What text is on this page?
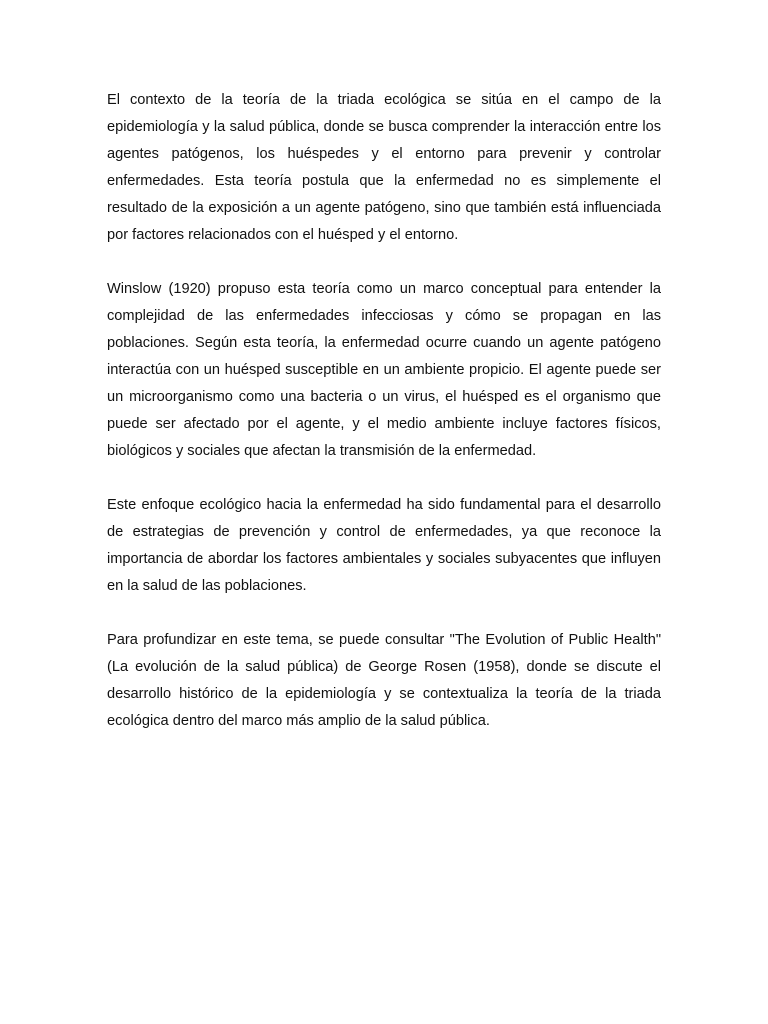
El contexto de la teoría de la triada ecológica se sitúa en el campo de la epidemiología y la salud pública, donde se busca comprender la interacción entre los agentes patógenos, los huéspedes y el entorno para prevenir y controlar enfermedades. Esta teoría postula que la enfermedad no es simplemente el resultado de la exposición a un agente patógeno, sino que también está influenciada por factores relacionados con el huésped y el entorno.

Winslow (1920) propuso esta teoría como un marco conceptual para entender la complejidad de las enfermedades infecciosas y cómo se propagan en las poblaciones. Según esta teoría, la enfermedad ocurre cuando un agente patógeno interactúa con un huésped susceptible en un ambiente propicio. El agente puede ser un microorganismo como una bacteria o un virus, el huésped es el organismo que puede ser afectado por el agente, y el medio ambiente incluye factores físicos, biológicos y sociales que afectan la transmisión de la enfermedad.

Este enfoque ecológico hacia la enfermedad ha sido fundamental para el desarrollo de estrategias de prevención y control de enfermedades, ya que reconoce la importancia de abordar los factores ambientales y sociales subyacentes que influyen en la salud de las poblaciones.

Para profundizar en este tema, se puede consultar "The Evolution of Public Health" (La evolución de la salud pública) de George Rosen (1958), donde se discute el desarrollo histórico de la epidemiología y se contextualiza la teoría de la triada ecológica dentro del marco más amplio de la salud pública.
